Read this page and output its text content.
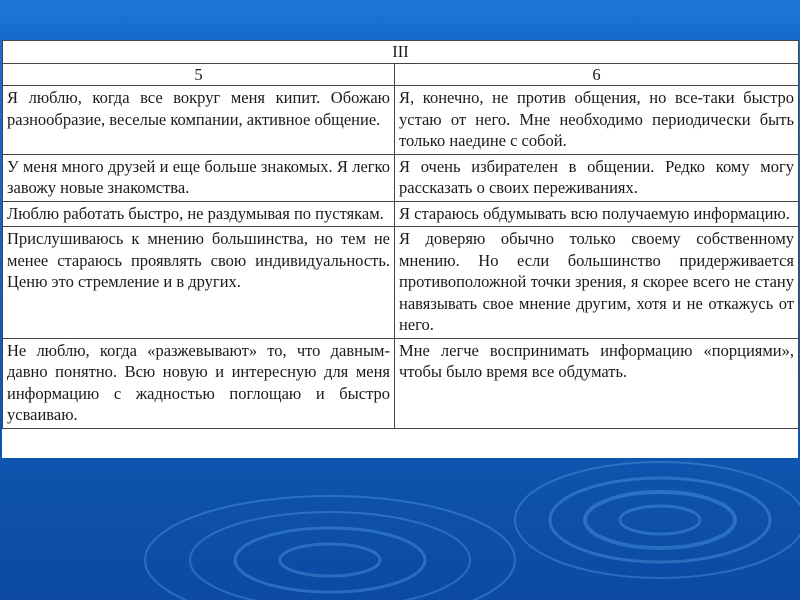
III	
5	6
Я люблю, когда все вокруг меня кипит. Обожаю разнообразие, веселые компании, активное общение.	Я, конечно, не против общения, но все-таки быстро устаю от него. Мне необходимо периодически быть только наедине с собой.
У меня много друзей и еще больше знакомых. Я легко завожу новые знакомства.	Я очень избирателен в общении. Редко кому могу рассказать о своих переживаниях.
Люблю работать быстро, не раздумывая по пустякам.	Я стараюсь обдумывать всю получаемую информацию.
Прислушиваюсь к мнению большинства, но тем не менее стараюсь проявлять свою индивидуальность. Ценю это стремление и в других.	Я доверяю обычно только своему собственному мнению. Но если большинство придерживается противоположной точки зрения, я скорее всего не стану навязывать свое мнение другим, хотя и не откажусь от него.
Не люблю, когда «разжевывают» то, что давным-давно понятно. Всю новую и интересную для меня информацию с жадностью поглощаю и быстро усваиваю.	Мне легче воспринимать информацию «порциями», чтобы было время все обдумать.
